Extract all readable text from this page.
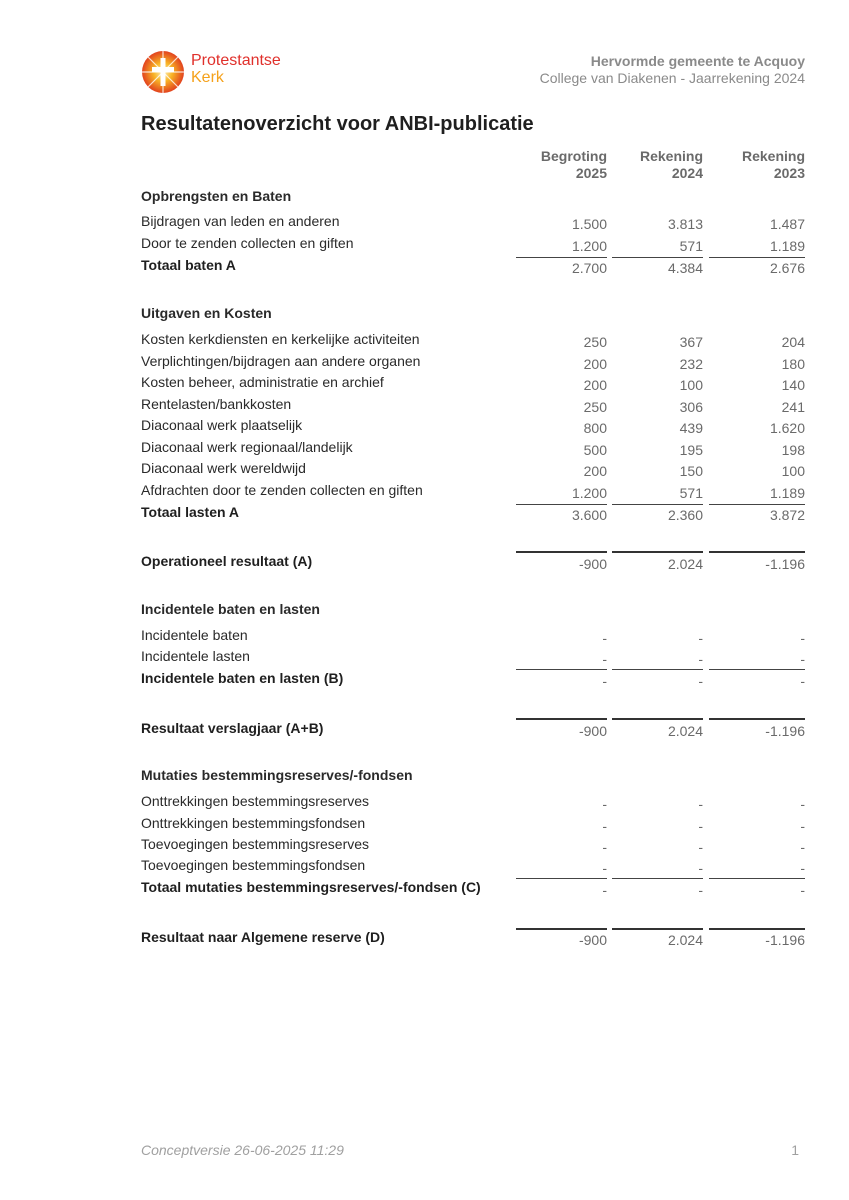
Protestantse
Kerk
Hervormde gemeente te Acquoy
College van Diakenen - Jaarrekening 2024
Resultatenoverzicht voor ANBI-publicatie
Begroting
2025
Rekening
2024
Rekening
2023
Opbrengsten en Baten
Bijdragen van leden en anderen	1.500	3.813	1.487
Door te zenden collecten en giften	1.200	571	1.189
Totaal baten A	2.700	4.384	2.676
Uitgaven en Kosten
Kosten kerkdiensten en kerkelijke activiteiten	250	367	204
Verplichtingen/bijdragen aan andere organen	200	232	180
Kosten beheer, administratie en archief	200	100	140
Rentelasten/bankkosten	250	306	241
Diaconaal werk plaatselijk	800	439	1.620
Diaconaal werk regionaal/landelijk	500	195	198
Diaconaal werk wereldwijd	200	150	100
Afdrachten door te zenden collecten en giften	1.200	571	1.189
Totaal lasten A	3.600	2.360	3.872
Operationeel resultaat (A)	-900	2.024	-1.196
Incidentele baten en lasten
Incidentele baten	-	-	-
Incidentele lasten	-	-	-
Incidentele baten en lasten (B)	-	-	-
Resultaat verslagjaar (A+B)	-900	2.024	-1.196
Mutaties bestemmingsreserves/-fondsen
Onttrekkingen bestemmingsreserves	-	-	-
Onttrekkingen bestemmingsfondsen	-	-	-
Toevoegingen bestemmingsreserves	-	-	-
Toevoegingen bestemmingsfondsen	-	-	-
Totaal mutaties bestemmingsreserves/-fondsen (C)	-	-	-
Resultaat naar Algemene reserve (D)	-900	2.024	-1.196
Conceptversie 26-06-2025 11:29	1
